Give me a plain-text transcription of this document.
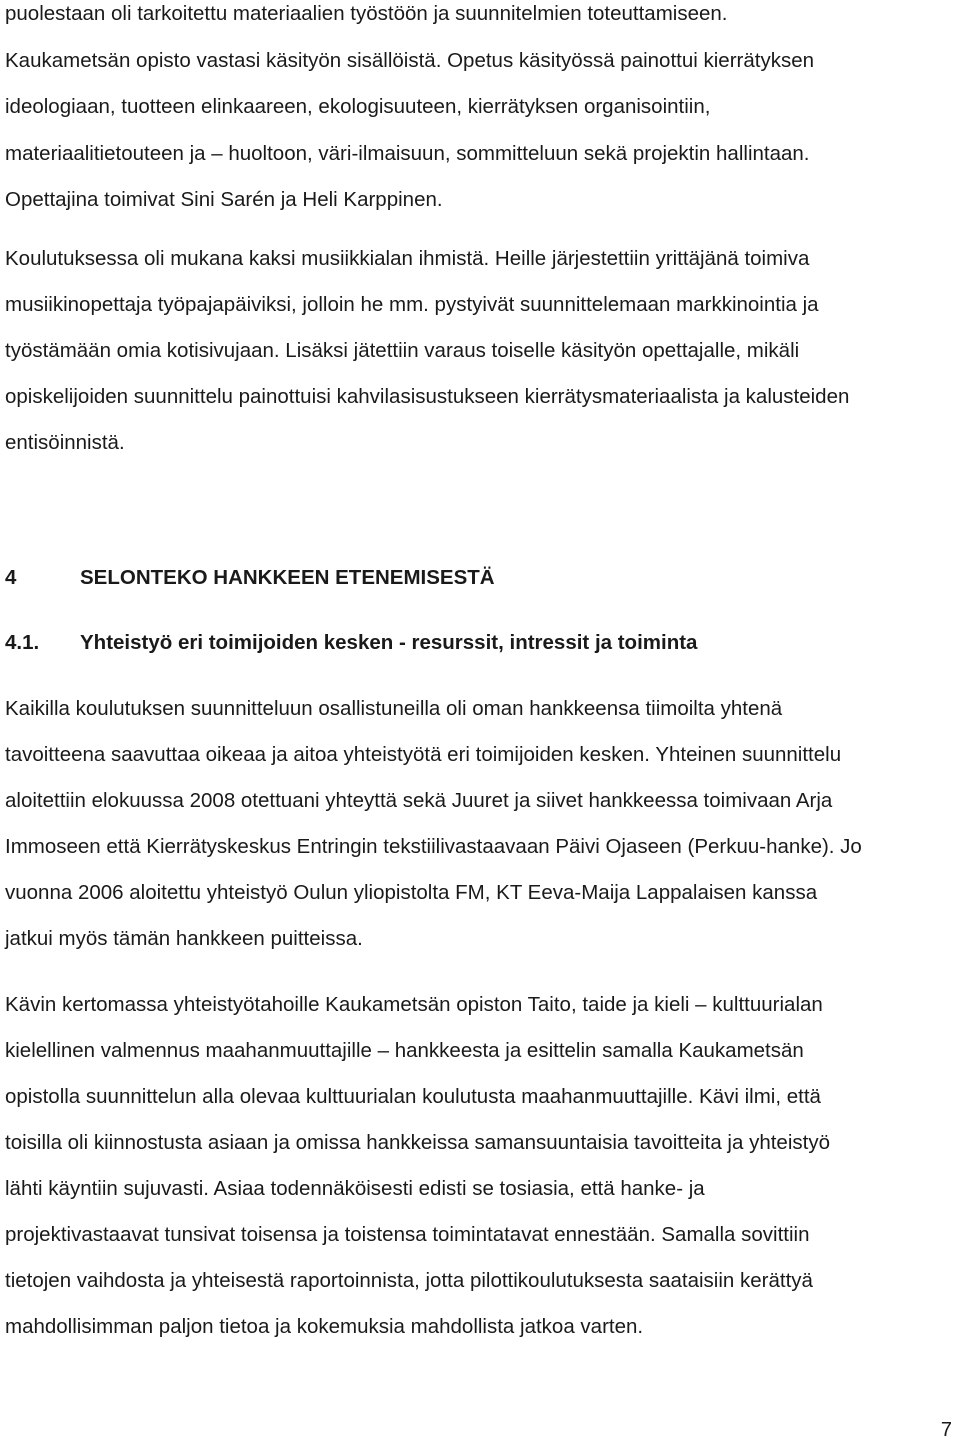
puolestaan oli tarkoitettu materiaalien työstöön ja suunnitelmien toteuttamiseen.
Kaukametsän opisto vastasi käsityön sisällöistä. Opetus käsityössä painottui kierrätyksen
ideologiaan, tuotteen elinkaareen, ekologisuuteen, kierrätyksen organisointiin,
materiaalitietouteen ja – huoltoon, väri-ilmaisuun, sommitteluun sekä projektin hallintaan.
Opettajina toimivat Sini Sarén ja Heli Karppinen.
Koulutuksessa oli mukana kaksi musiikkialan ihmistä. Heille järjestettiin yrittäjänä toimiva
musiikinopettaja työpajapäiviksi, jolloin he mm. pystyivät suunnittelemaan markkinointia ja
työstämään omia kotisivujaan. Lisäksi jätettiin varaus toiselle käsityön opettajalle, mikäli
opiskelijoiden suunnittelu painottuisi kahvilasisustukseen kierrätysmateriaalista ja kalusteiden
entisöinnistä.
4	SELONTEKO HANKKEEN ETENEMISESTÄ
4.1. Yhteistyö eri toimijoiden kesken - resurssit, intressit ja toiminta
Kaikilla koulutuksen suunnitteluun osallistuneilla oli oman hankkeensa tiimoilta yhtenä
tavoitteena saavuttaa oikeaa ja aitoa yhteistyötä eri toimijoiden kesken. Yhteinen suunnittelu
aloitettiin elokuussa 2008 otettuani yhteyttä sekä Juuret ja siivet hankkeessa toimivaan Arja
Immoseen että Kierrätyskeskus Entringin tekstiilivastaavaan Päivi Ojaseen (Perkuu-hanke). Jo
vuonna 2006 aloitettu yhteistyö Oulun yliopistolta FM, KT Eeva-Maija Lappalaisen kanssa
jatkui myös tämän hankkeen puitteissa.
Kävin kertomassa yhteistyötahoille Kaukametsän opiston Taito, taide ja kieli – kulttuurialan
kielellinen valmennus maahanmuuttajille – hankkeesta ja esittelin samalla Kaukametsän
opistolla suunnittelun alla olevaa kulttuurialan koulutusta maahanmuuttajille. Kävi ilmi, että
toisilla oli kiinnostusta asiaan ja omissa hankkeissa samansuuntaisia tavoitteita ja yhteistyö
lähti käyntiin sujuvasti. Asiaa todennäköisesti edisti se tosiasia, että hanke- ja
projektivastaavat tunsivat toisensa ja toistensa toimintatavat ennestään. Samalla sovittiin
tietojen vaihdosta ja yhteisestä raportoinnista, jotta pilottikoulutuksesta saataisiin kerättyä
mahdollisimman paljon tietoa ja kokemuksia mahdollista jatkoa varten.
7
